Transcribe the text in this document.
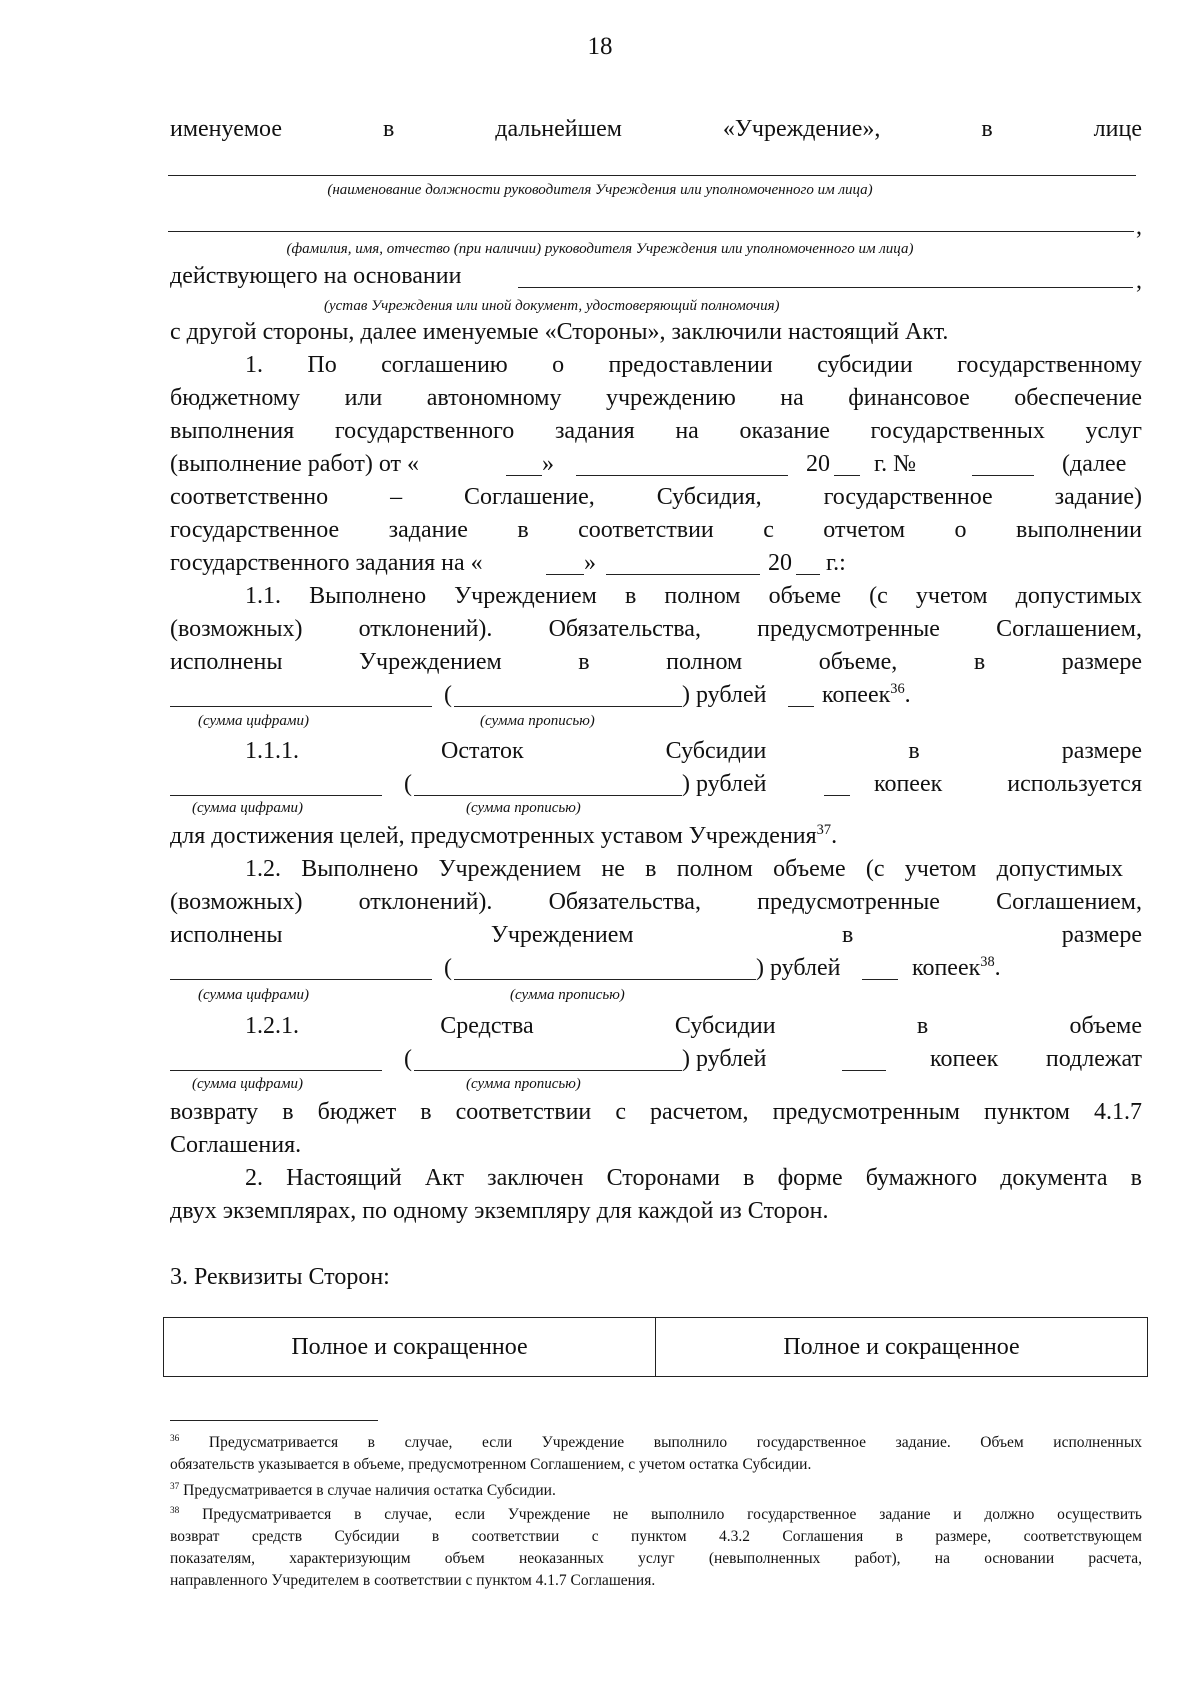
18
именуемое в дальнейшем «Учреждение», в лице
(наименование должности руководителя Учреждения или уполномоченного им лица)
,
(фамилия, имя, отчество (при наличии) руководителя Учреждения или уполномоченного им лица)
действующего на основании	,
(устав Учреждения или иной документ, удостоверяющий полномочия)
с другой стороны, далее именуемые «Стороны», заключили настоящий Акт.
1. По соглашению о предоставлении субсидии государственному
бюджетному или автономному учреждению на финансовое обеспечение
выполнения государственного задания на оказание государственных услуг
(выполнение работ) от «	»	20 г. №	(далее
соответственно – Соглашение, Субсидия, государственное задание)
государственное задание в соответствии с отчетом о выполнении
государственного задания на «	»	20 г.:
1.1. Выполнено Учреждением в полном объеме (с учетом допустимых
(возможных) отклонений). Обязательства, предусмотренные Соглашением,
исполнены Учреждением в полном объеме, в размере
(	) рублей копеек$^{36}$.
(сумма цифрами)	(сумма прописью)
1.1.1. Остаток Субсидии в размере
(	) рублей	копеек используется
(сумма цифрами)	(сумма прописью)
для достижения целей, предусмотренных уставом Учреждения$^{37}$.
1.2. Выполнено Учреждением не в полном объеме (с учетом допустимых
(возможных) отклонений). Обязательства, предусмотренные Соглашением,
исполнены Учреждением в размере
(	) рублей	копеек$^{38}$.
(сумма цифрами)	(сумма прописью)
1.2.1. Средства Субсидии в объеме
(	) рублей	копеек подлежат
(сумма цифрами)	(сумма прописью)
возврату в бюджет в соответствии с расчетом, предусмотренным пунктом 4.1.7
Соглашения.
2. Настоящий Акт заключен Сторонами в форме бумажного документа в
двух экземплярах, по одному экземпляру для каждой из Сторон.
3. Реквизиты Сторон:
Полное и сокращенное	Полное и сокращенное
$^{36}$ Предусматривается в случае, если Учреждение выполнило государственное задание. Объем исполненных
обязательств указывается в объеме, предусмотренном Соглашением, с учетом остатка Субсидии.
$^{37}$ Предусматривается в случае наличия остатка Субсидии.
$^{38}$ Предусматривается в случае, если Учреждение не выполнило государственное задание и должно осуществить
возврат средств Субсидии в соответствии с пунктом 4.3.2 Соглашения в размере, соответствующем
показателям, характеризующим объем неоказанных услуг (невыполненных работ), на основании расчета,
направленного Учредителем в соответствии с пунктом 4.1.7 Соглашения.
